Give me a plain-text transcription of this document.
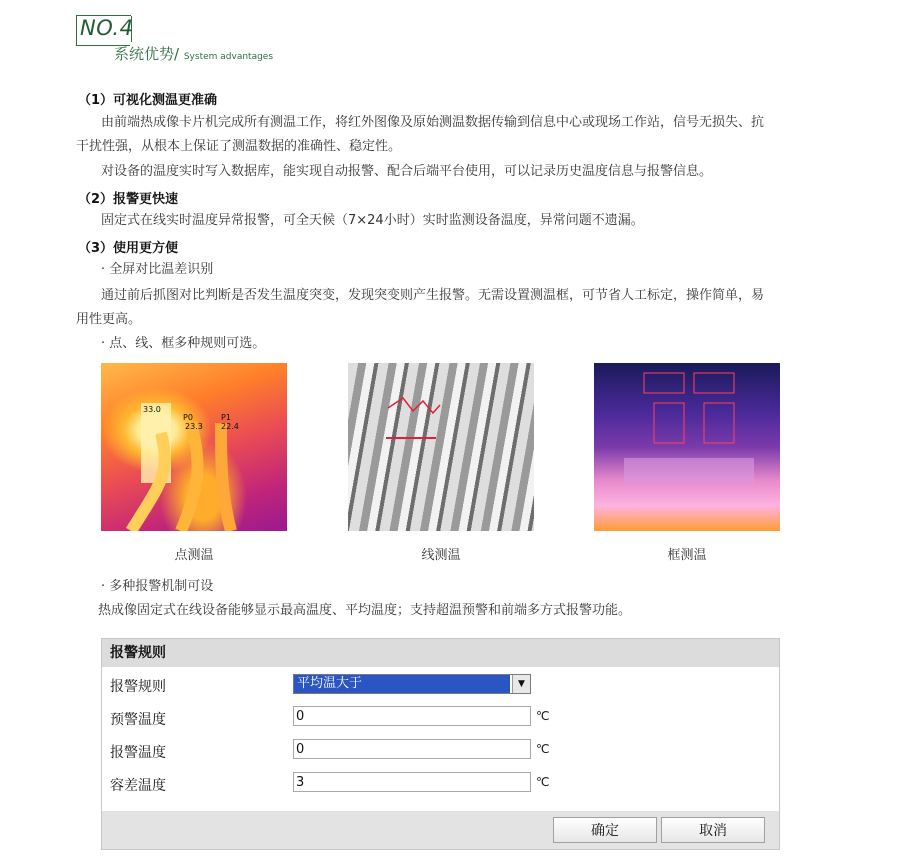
NO.4
系统优势/ System advantages
（1）可视化测温更准确
由前端热成像卡片机完成所有测温工作，将红外图像及原始测温数据传输到信息中心或现场工作站，信号无损失、抗
干扰性强，从根本上保证了测温数据的准确性、稳定性。
对设备的温度实时写入数据库，能实现自动报警、配合后端平台使用，可以记录历史温度信息与报警信息。
（2）报警更快速
固定式在线实时温度异常报警，可全天候（7×24小时）实时监测设备温度，异常问题不遗漏。
（3）使用更方便
· 全屏对比温差识别
通过前后抓图对比判断是否发生温度突变，发现突变则产生报警。无需设置测温框，可节省人工标定，操作简单，易
用性更高。
· 点、线、框多种规则可选。
33.0
P0
23.3
P1
22.4
点测温	线测温	框测温
· 多种报警机制可设
热成像固定式在线设备能够显示最高温度、平均温度；支持超温预警和前端多方式报警功能。
报警规则
报警规则	平均温大于	▼
预警温度	0	℃
报警温度	0	℃
容差温度	3	℃
确定	取消
